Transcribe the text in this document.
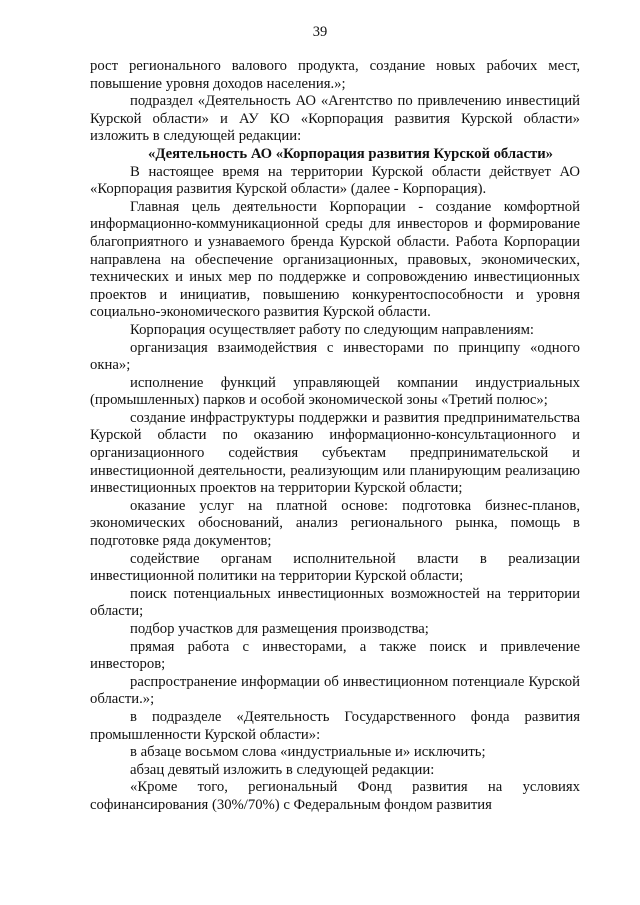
39

рост регионального валового продукта, создание новых рабочих мест, повышение уровня доходов населения.»;

подраздел «Деятельность АО «Агентство по привлечению инвестиций Курской области» и АУ КО «Корпорация развития Курской области» изложить в следующей редакции:

«Деятельность АО «Корпорация развития Курской области»

В настоящее время на территории Курской области действует АО «Корпорация развития Курской области» (далее - Корпорация).

Главная цель деятельности Корпорации - создание комфортной информационно-коммуникационной среды для инвесторов и формирование благоприятного и узнаваемого бренда Курской области. Работа Корпорации направлена на обеспечение организационных, правовых, экономических, технических и иных мер по поддержке и сопровождению инвестиционных проектов и инициатив, повышению конкурентоспособности и уровня социально-экономического развития Курской области.

Корпорация осуществляет работу по следующим направлениям:

организация взаимодействия с инвесторами по принципу «одного окна»;

исполнение функций управляющей компании индустриальных (промышленных) парков и особой экономической зоны «Третий полюс»;

создание инфраструктуры поддержки и развития предпринимательства Курской области по оказанию информационно-консультационного и организационного содействия субъектам предпринимательской и инвестиционной деятельности, реализующим или планирующим реализацию инвестиционных проектов на территории Курской области;

оказание услуг на платной основе: подготовка бизнес-планов, экономических обоснований, анализ регионального рынка, помощь в подготовке ряда документов;

содействие органам исполнительной власти в реализации инвестиционной политики на территории Курской области;

поиск потенциальных инвестиционных возможностей на территории области;

подбор участков для размещения производства;

прямая работа с инвесторами, а также поиск и привлечение инвесторов;

распространение информации об инвестиционном потенциале Курской области.»;

в подразделе «Деятельность Государственного фонда развития промышленности Курской области»:

в абзаце восьмом слова «индустриальные и» исключить;

абзац девятый изложить в следующей редакции:

«Кроме того, региональный Фонд развития на условиях софинансирования (30%/70%) с Федеральным фондом развития
